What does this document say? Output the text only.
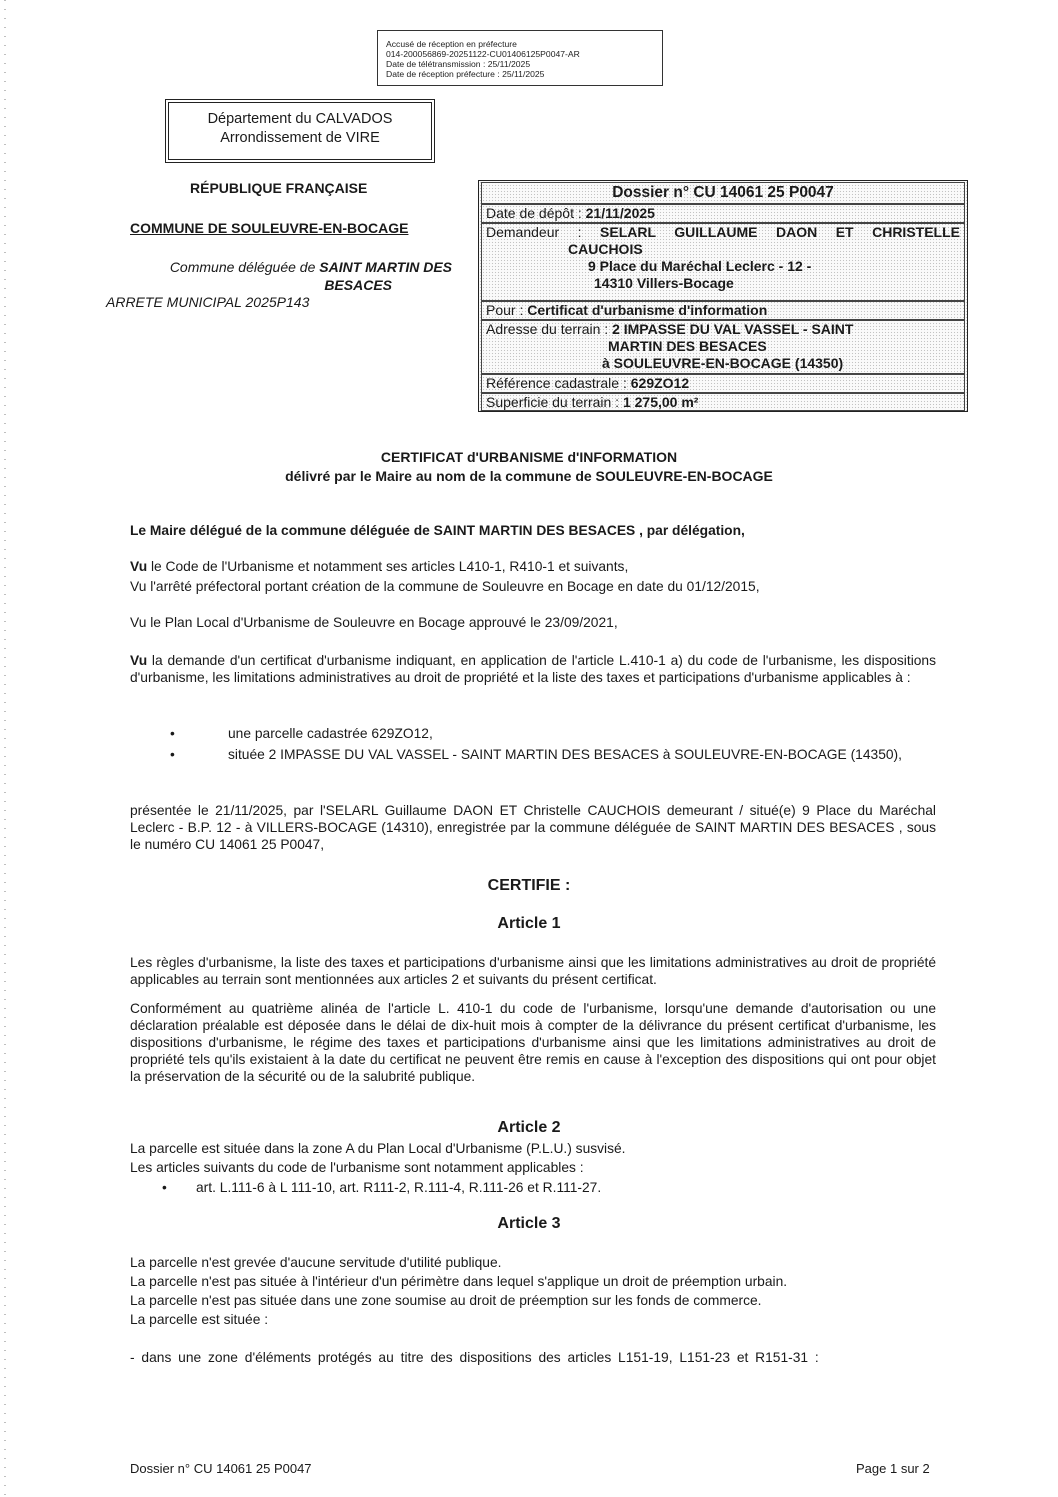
Accusé de réception en préfecture
014-200056869-20251122-CU01406125P0047-AR
Date de télétransmission : 25/11/2025
Date de réception préfecture : 25/11/2025
Département du CALVADOS
Arrondissement de VIRE
RÉPUBLIQUE FRANÇAISE
COMMUNE DE SOULEUVRE-EN-BOCAGE
Commune déléguée de SAINT MARTIN DES
BESACES
ARRETE MUNICIPAL 2025P143
Dossier n° CU 14061 25 P0047
Date de dépôt : 21/11/2025
Demandeur : SELARL GUILLAUME DAON ET CHRISTELLE
CAUCHOIS
9 Place du Maréchal Leclerc - 12 -
14310 Villers-Bocage
Pour : Certificat d'urbanisme d'information
Adresse du terrain : 2 IMPASSE DU VAL VASSEL - SAINT
MARTIN DES BESACES
à SOULEUVRE-EN-BOCAGE (14350)
Référence cadastrale : 629ZO12
Superficie du terrain : 1 275,00 m²
CERTIFICAT d'URBANISME d'INFORMATION
délivré par le Maire au nom de la commune de SOULEUVRE-EN-BOCAGE
Le Maire délégué de la commune déléguée de SAINT MARTIN DES BESACES , par délégation,
Vu le Code de l'Urbanisme et notamment ses articles L410-1, R410-1 et suivants,
Vu l'arrêté préfectoral portant création de la commune de Souleuvre en Bocage en date du 01/12/2015,
Vu le Plan Local d'Urbanisme de Souleuvre en Bocage approuvé le 23/09/2021,
Vu la demande d'un certificat d'urbanisme indiquant, en application de l'article L.410-1 a) du code de l'urbanisme, les dispositions d'urbanisme, les limitations administratives au droit de propriété et la liste des taxes et participations d'urbanisme applicables à :
•	une parcelle cadastrée 629ZO12,
•	située 2 IMPASSE DU VAL VASSEL - SAINT MARTIN DES BESACES à SOULEUVRE-EN-BOCAGE (14350),
présentée le 21/11/2025, par l'SELARL Guillaume DAON ET Christelle CAUCHOIS demeurant / situé(e) 9 Place du Maréchal Leclerc - B.P. 12 - à VILLERS-BOCAGE (14310), enregistrée par la commune déléguée de SAINT MARTIN DES BESACES , sous le numéro CU 14061 25 P0047,
CERTIFIE :
Article 1
Les règles d'urbanisme, la liste des taxes et participations d'urbanisme ainsi que les limitations administratives au droit de propriété applicables au terrain sont mentionnées aux articles 2 et suivants du présent certificat.
Conformément au quatrième alinéa de l'article L. 410-1 du code de l'urbanisme, lorsqu'une demande d'autorisation ou une déclaration préalable est déposée dans le délai de dix-huit mois à compter de la délivrance du présent certificat d'urbanisme, les dispositions d'urbanisme, le régime des taxes et participations d'urbanisme ainsi que les limitations administratives au droit de propriété tels qu'ils existaient à la date du certificat ne peuvent être remis en cause à l'exception des dispositions qui ont pour objet la préservation de la sécurité ou de la salubrité publique.
Article 2
La parcelle est située dans la zone A du Plan Local d'Urbanisme (P.L.U.) susvisé.
Les articles suivants du code de l'urbanisme sont notamment applicables :
•	art. L.111-6 à L 111-10, art. R111-2, R.111-4, R.111-26 et R.111-27.
Article 3
La parcelle n'est grevée d'aucune servitude d'utilité publique.
La parcelle n'est pas située à l'intérieur d'un périmètre dans lequel s'applique un droit de préemption urbain.
La parcelle n'est pas située dans une zone soumise au droit de préemption sur les fonds de commerce.
La parcelle est située :
- dans une zone d'éléments protégés au titre des dispositions des articles L151-19, L151-23 et R151-31 :
Dossier n° CU 14061 25 P0047	Page 1 sur 2
